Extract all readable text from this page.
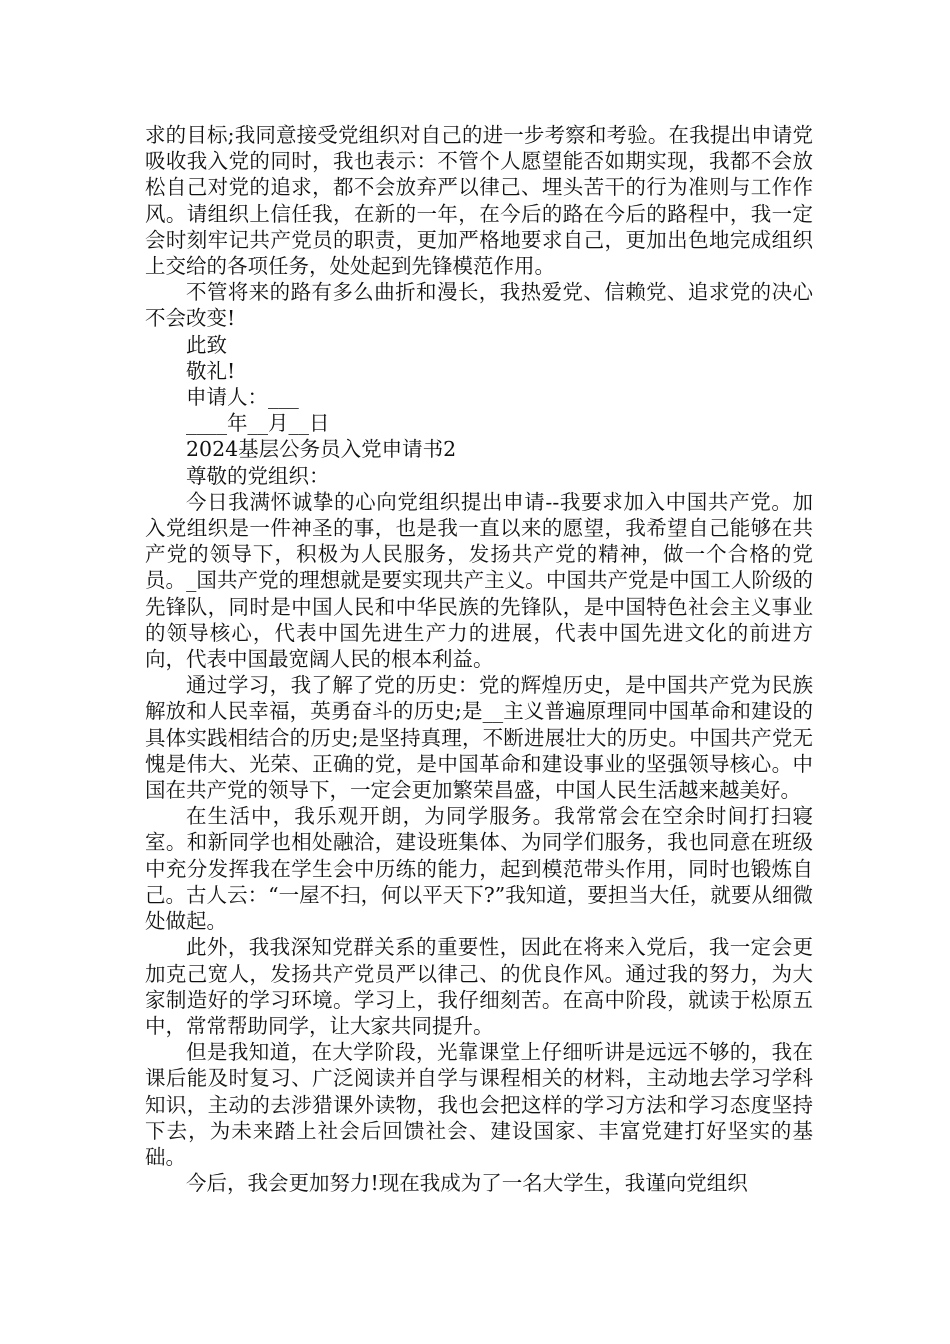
求的目标;我同意接受党组织对自己的进一步考察和考验。在我提出申请党吸收我入党的同时，我也表示：不管个人愿望能否如期实现，我都不会放松自己对党的追求，都不会放弃严以律己、埋头苦干的行为准则与工作作风。请组织上信任我，在新的一年，在今后的路在今后的路程中，我一定会时刻牢记共产党员的职责，更加严格地要求自己，更加出色地完成组织上交给的各项任务，处处起到先锋模范作用。

不管将来的路有多么曲折和漫长，我热爱党、信赖党、追求党的决心不会改变!

此致

敬礼!

申请人：___

____年__月__日

2024基层公务员入党申请书2

尊敬的党组织：

今日我满怀诚挚的心向党组织提出申请--我要求加入中国共产党。加入党组织是一件神圣的事，也是我一直以来的愿望，我希望自己能够在共产党的领导下，积极为人民服务，发扬共产党的精神，做一个合格的党员。_国共产党的理想就是要实现共产主义。中国共产党是中国工人阶级的先锋队，同时是中国人民和中华民族的先锋队，是中国特色社会主义事业的领导核心，代表中国先进生产力的进展，代表中国先进文化的前进方向，代表中国最宽阔人民的根本利益。

通过学习，我了解了党的历史：党的辉煌历史，是中国共产党为民族解放和人民幸福，英勇奋斗的历史;是__主义普遍原理同中国革命和建设的具体实践相结合的历史;是坚持真理，不断进展壮大的历史。中国共产党无愧是伟大、光荣、正确的党，是中国革命和建设事业的坚强领导核心。中国在共产党的领导下，一定会更加繁荣昌盛，中国人民生活越来越美好。

在生活中，我乐观开朗，为同学服务。我常常会在空余时间打扫寝室。和新同学也相处融洽，建设班集体、为同学们服务，我也同意在班级中充分发挥我在学生会中历练的能力，起到模范带头作用，同时也锻炼自己。古人云：“一屋不扫，何以平天下?”我知道，要担当大任，就要从细微处做起。

此外，我我深知党群关系的重要性，因此在将来入党后，我一定会更加克己宽人，发扬共产党员严以律己、的优良作风。通过我的努力，为大家制造好的学习环境。学习上，我仔细刻苦。在高中阶段，就读于松原五中，常常帮助同学，让大家共同提升。

但是我知道，在大学阶段，光靠课堂上仔细听讲是远远不够的，我在课后能及时复习、广泛阅读并自学与课程相关的材料，主动地去学习学科知识，主动的去涉猎课外读物，我也会把这样的学习方法和学习态度坚持下去，为未来踏上社会后回馈社会、建设国家、丰富党建打好坚实的基础。

今后，我会更加努力!现在我成为了一名大学生，我谨向党组织
